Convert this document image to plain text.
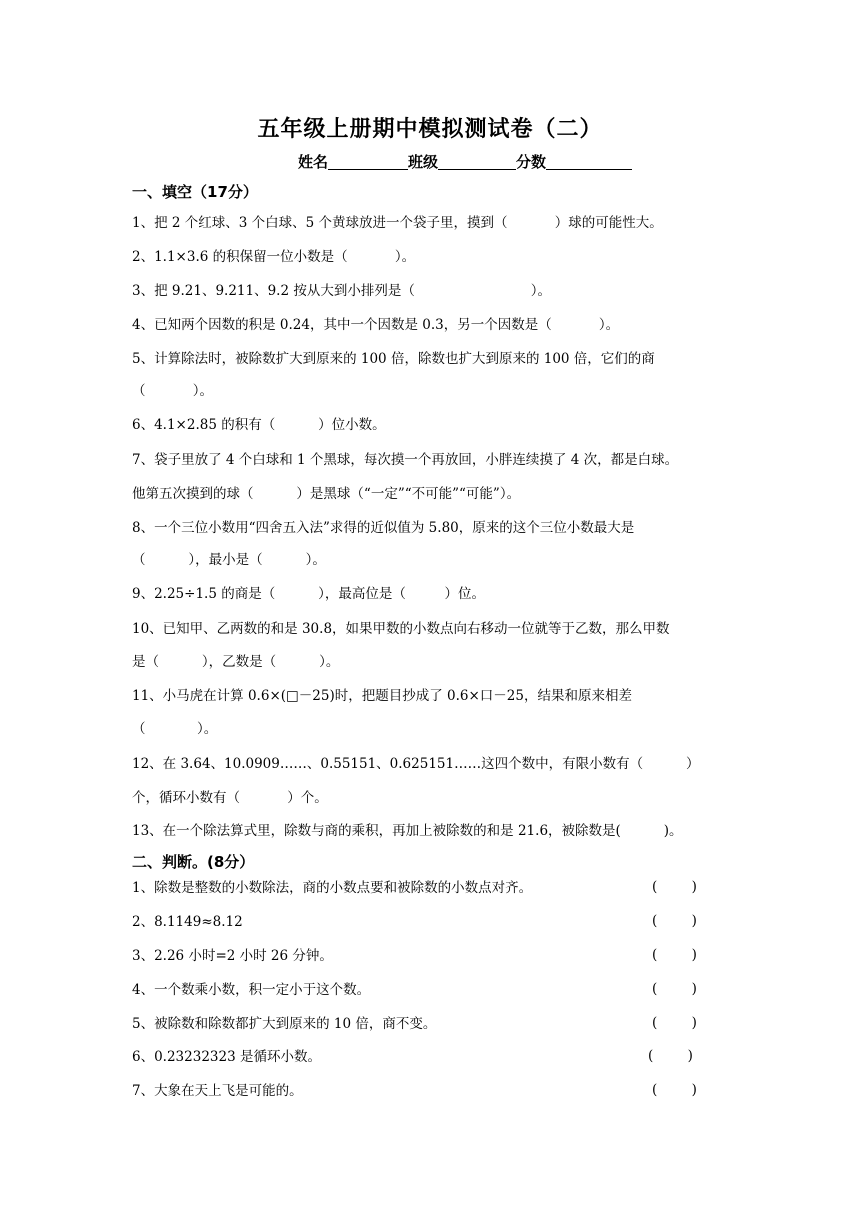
五年级上册期中模拟测试卷（二）
姓名	班级	分数
一、填空（17分）
1、把 2 个红球、3 个白球、5 个黄球放进一个袋子里，摸到（           ）球的可能性大。
2、1.1×3.6 的积保留一位小数是（           ）。
3、把 9.21、9.211、9.2 按从大到小排列是（                           ）。
4、已知两个因数的积是 0.24，其中一个因数是 0.3，另一个因数是（           ）。
5、计算除法时，被除数扩大到原来的 100 倍，除数也扩大到原来的 100 倍，它们的商
（           ）。
6、4.1×2.85 的积有（          ）位小数。
7、袋子里放了 4 个白球和 1 个黑球，每次摸一个再放回，小胖连续摸了 4 次，都是白球。
他第五次摸到的球（          ）是黑球（“一定”“不可能”“可能”）。
8、一个三位小数用“四舍五入法”求得的近似值为 5.80，原来的这个三位小数最大是
（          ），最小是（          ）。
9、2.25÷1.5 的商是（          ），最高位是（         ）位。
10、已知甲、乙两数的和是 30.8，如果甲数的小数点向右移动一位就等于乙数，那么甲数
是（          ），乙数是（          ）。
11、小马虎在计算 0.6×(□－25)时，把题目抄成了 0.6×口－25，结果和原来相差
（            ）。
12、在 3.64、10.0909……、0.55151、0.625151……这四个数中，有限小数有（          ）
个，循环小数有（           ）个。
13、在一个除法算式里，除数与商的乘积，再加上被除数的和是 21.6，被除数是(          )。
二、判断。(8分）
1、除数是整数的小数除法，商的小数点要和被除数的小数点对齐。	(        )
2、8.1149≈8.12	(        )
3、2.26 小时=2 小时 26 分钟。	(        )
4、一个数乘小数，积一定小于这个数。	(        )
5、被除数和除数都扩大到原来的 10 倍，商不变。	(        )
6、0.23232323 是循环小数。	(        )
7、大象在天上飞是可能的。	(        )
